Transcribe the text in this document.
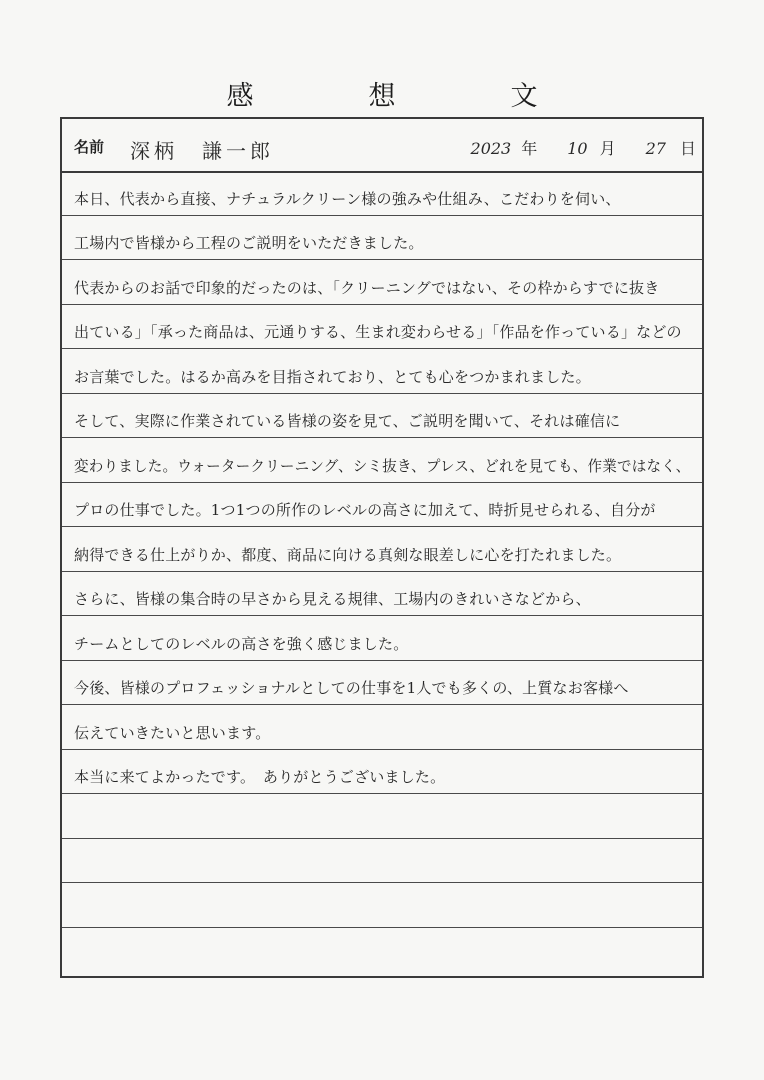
感　想　文
名前 深柄　謙一郎	2023 年 10 月 27 日
本日、代表から直接、ナチュラルクリーン様の強みや仕組み、こだわりを伺い、
工場内で皆様から工程のご説明をいただきました。
代表からのお話で印象的だったのは、「クリーニングではない、その枠からすでに抜き
出ている」「承った商品は、元通りする、生まれ変わらせる」「作品を作っている」などの
お言葉でした。はるか高みを目指されており、とても心をつかまれました。
そして、実際に作業されている皆様の姿を見て、ご説明を聞いて、それは確信に
変わりました。ウォータークリーニング、シミ抜き、プレス、どれを見ても、作業ではなく、
プロの仕事でした。1つ1つの所作のレベルの高さに加えて、時折見せられる、自分が
納得できる仕上がりか、都度、商品に向ける真剣な眼差しに心を打たれました。
さらに、皆様の集合時の早さから見える規律、工場内のきれいさなどから、
チームとしてのレベルの高さを強く感じました。
今後、皆様のプロフェッショナルとしての仕事を1人でも多くの、上質なお客様へ
伝えていきたいと思います。
本当に来てよかったです。　ありがとうございました。
